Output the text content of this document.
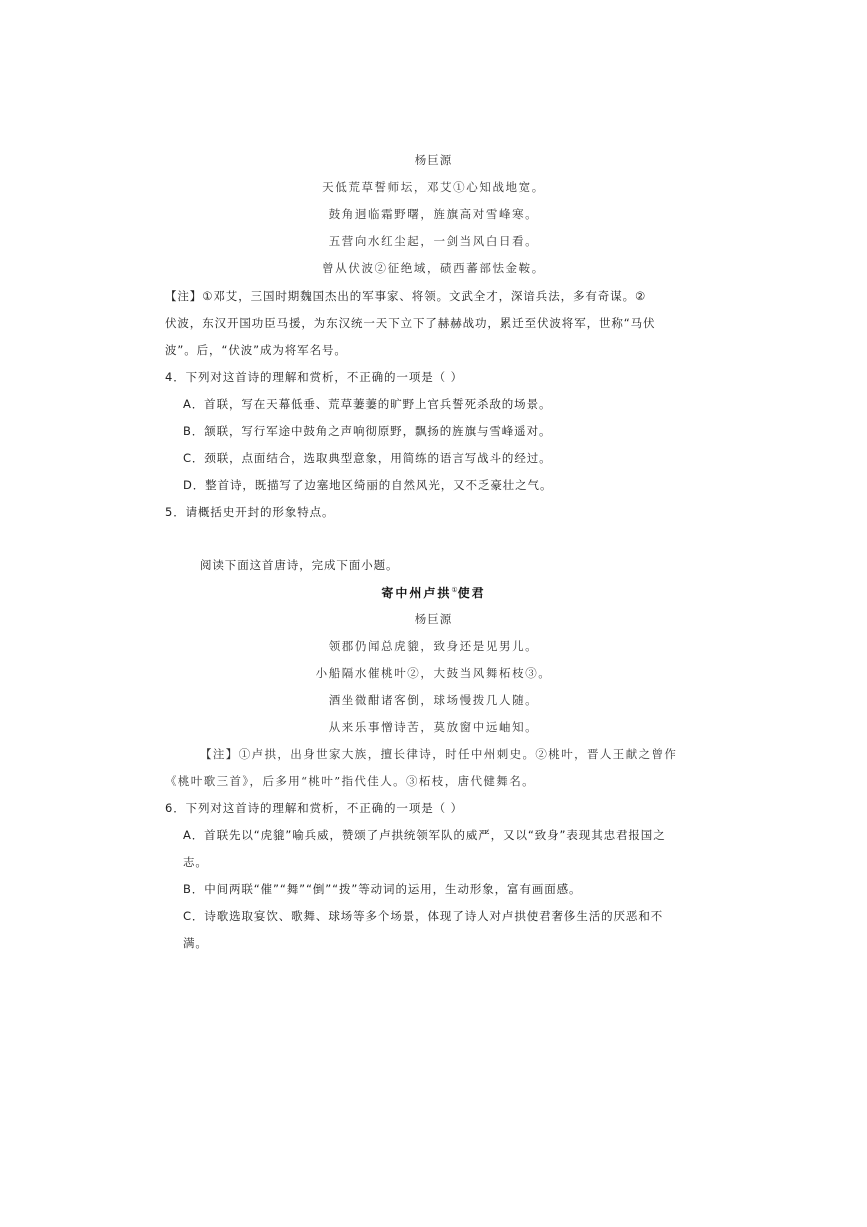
杨巨源
天低荒草誓师坛，邓艾①心知战地宽。
鼓角迥临霜野曙，旌旗高对雪峰寒。
五营向水红尘起，一剑当风白日看。
曾从伏波②征绝域，碛西蕃部怯金鞍。
【注】①邓艾，三国时期魏国杰出的军事家、将领。文武全才，深谙兵法，多有奇谋。②
伏波，东汉开国功臣马援，为东汉统一天下立下了赫赫战功，累迁至伏波将军，世称“马伏
波”。后，“伏波”成为将军名号。
4．下列对这首诗的理解和赏析，不正确的一项是（ ）
A．首联，写在天幕低垂、荒草萋萋的旷野上官兵誓死杀敌的场景。
B．颔联，写行军途中鼓角之声响彻原野，飘扬的旌旗与雪峰遥对。
C．颈联，点面结合，选取典型意象，用简练的语言写战斗的经过。
D．整首诗，既描写了边塞地区绮丽的自然风光，又不乏豪壮之气。
5．请概括史开封的形象特点。
阅读下面这首唐诗，完成下面小题。
寄中州卢拱①使君
杨巨源
领郡仍闻总虎貔，致身还是见男儿。
小船隔水催桃叶②，大鼓当风舞柘枝③。
酒坐微酣诸客倒，球场慢拨几人随。
从来乐事憎诗苦，莫放窗中远岫知。
【注】①卢拱，出身世家大族，擅长律诗，时任中州刺史。②桃叶，晋人王献之曾作
《桃叶歌三首》，后多用“桃叶”指代佳人。③柘枝，唐代健舞名。
6．下列对这首诗的理解和赏析，不正确的一项是（ ）
A．首联先以“虎貔”喻兵威，赞颂了卢拱统领军队的威严，又以“致身”表现其忠君报国之
志。
B．中间两联“催”“舞”“倒”“拨”等动词的运用，生动形象，富有画面感。
C．诗歌选取宴饮、歌舞、球场等多个场景，体现了诗人对卢拱使君奢侈生活的厌恶和不
满。
